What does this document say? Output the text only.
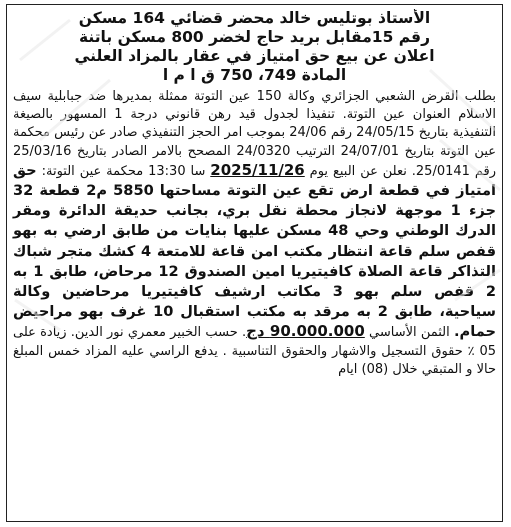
الأستاذ بوتليس خالد محضر قضائي 164 مسكن
رقم 15مقابل بريد حاج لخضر 800 مسكن باتنة
اعلان عن بيع حق امتياز في عقار بالمزاد العلني
المادة 749، 750 ق ا م ا
بطلب القرض الشعبي الجزائري وكالة 150 عين التوتة ممثلة بمديرها ضد جبابلية سيف الاسلام العنوان عين التوتة. تنفيذا لجدول قيد رهن قانوني درجة 1 المسهور بالصيغة التنفيذية بتاريخ 24/05/15 رقم 24/06 بموجب امر الحجز التنفيذي صادر عن رئيس محكمة عين التوتة بتاريخ 24/07/01 الترتيب 24/0320 المصحح بالامر الصادر بتاريخ 25/03/16 رقم 25/0141. نعلن عن البيع يوم 2025/11/26 سا 13:30 محكمة عين التوتة: حق امتياز في قطعة ارض تقع عين التوتة مساحتها 5850 م2 قطعة 32 جزء 1 موجهة لانجاز محطة نقل بري، بجانب حديقة الدائرة ومقر الدرك الوطني وحي 48 مسكن عليها بنايات من طابق ارضي به بهو قفص سلم قاعة انتظار مكتب امن قاعة للامتعة 4 كشك متجر شباك التذاكر قاعة الصلاة كافيتيريا امين الصندوق 12 مرحاض، طابق 1 به 2 قفص سلم بهو 3 مكاتب ارشيف كافيتيريا مرحاضين وكالة سياحية، طابق 2 به مرقد به مكتب استقبال 10 غرف بهو مراحيض حمام. الثمن الأساسي 90.000.000 دج. حسب الخبير معمري نور الدين. زيادة على 05 ٪ حقوق التسجيل والاشهار والحقوق التناسبية . يدفع الراسي عليه المزاد خمس المبلغ حالا و المتبقي خلال (08) ايام
